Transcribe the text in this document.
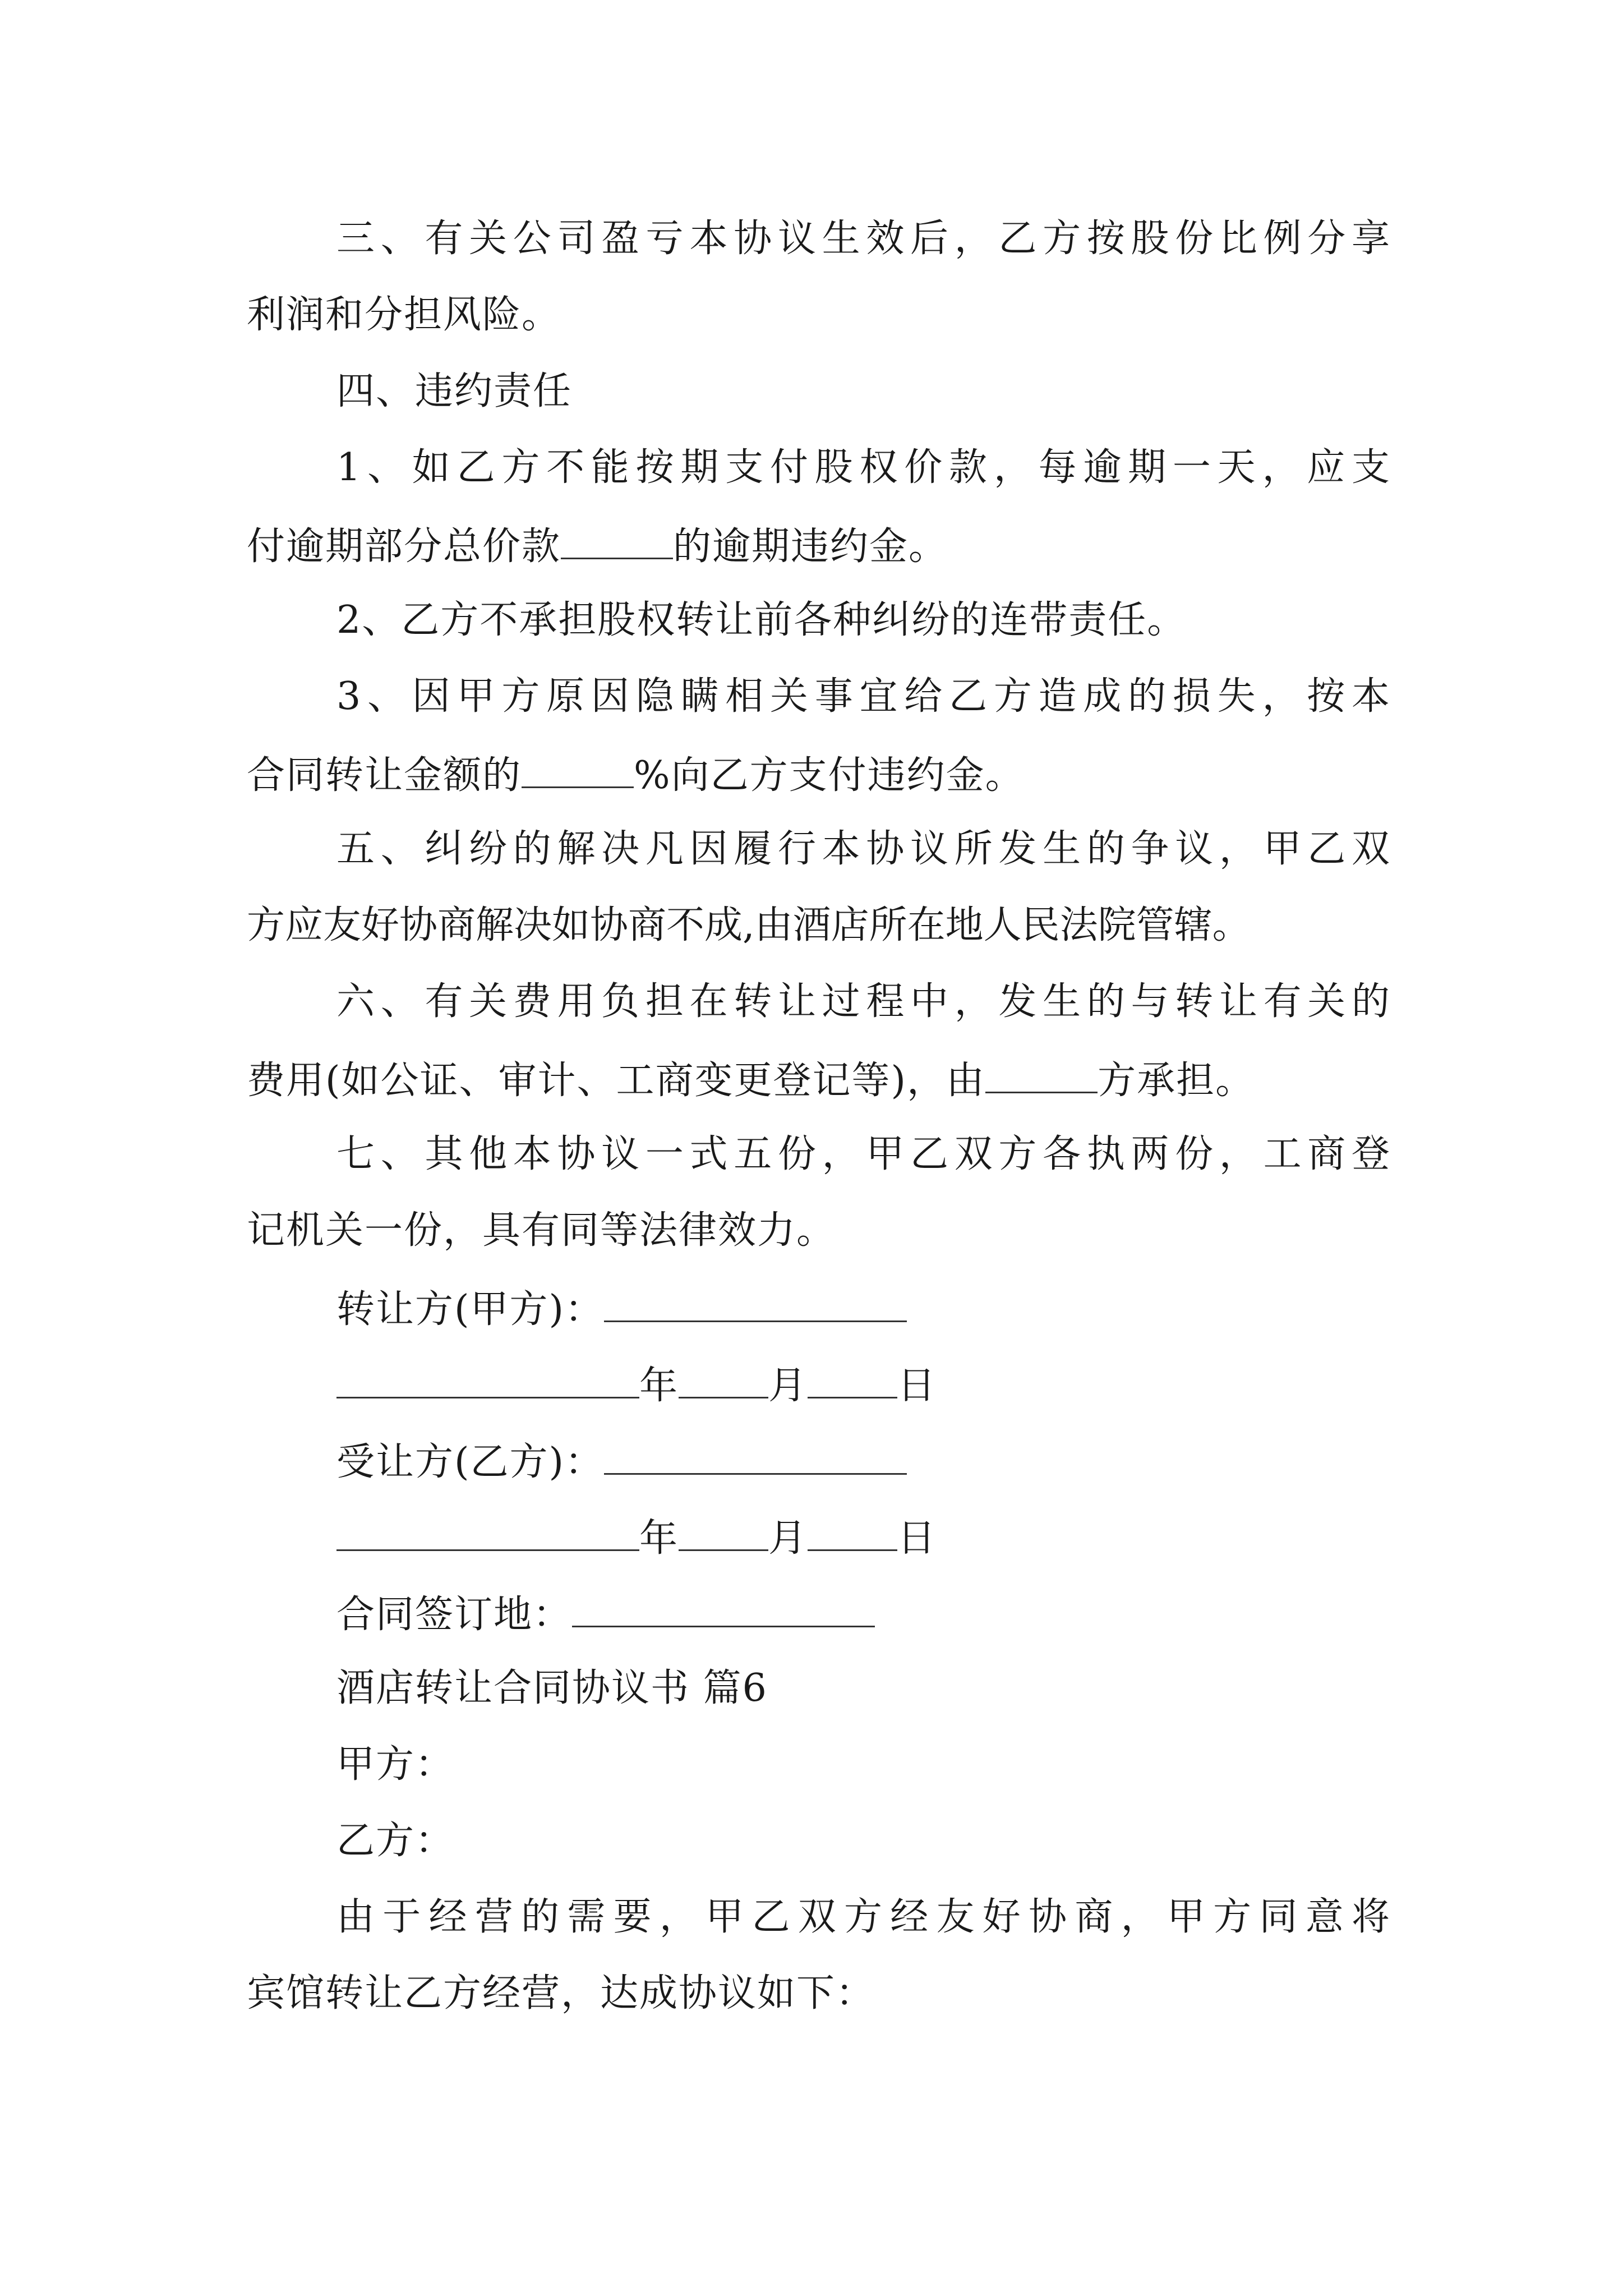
三、有关公司盈亏本协议生效后，乙方按股份比例分享
利润和分担风险。
四、违约责任
1、如乙方不能按期支付股权价款，每逾期一天，应支
付逾期部分总价款	的逾期违约金。
2、乙方不承担股权转让前各种纠纷的连带责任。
3、因甲方原因隐瞒相关事宜给乙方造成的损失，按本
合同转让金额的	%向乙方支付违约金。
五、纠纷的解决凡因履行本协议所发生的争议，甲乙双
方应友好协商解决如协商不成,由酒店所在地人民法院管辖。
六、有关费用负担在转让过程中，发生的与转让有关的
费用(如公证、审计、工商变更登记等)，由	方承担。
七、其他本协议一式五份，甲乙双方各执两份，工商登
记机关一份，具有同等法律效力。
转让方(甲方)：
年 月 日
受让方(乙方)：
年 月 日
合同签订地：
酒店转让合同协议书 篇6
甲方：
乙方：
由于经营的需要，甲乙双方经友好协商，甲方同意将
宾馆转让乙方经营，达成协议如下：
